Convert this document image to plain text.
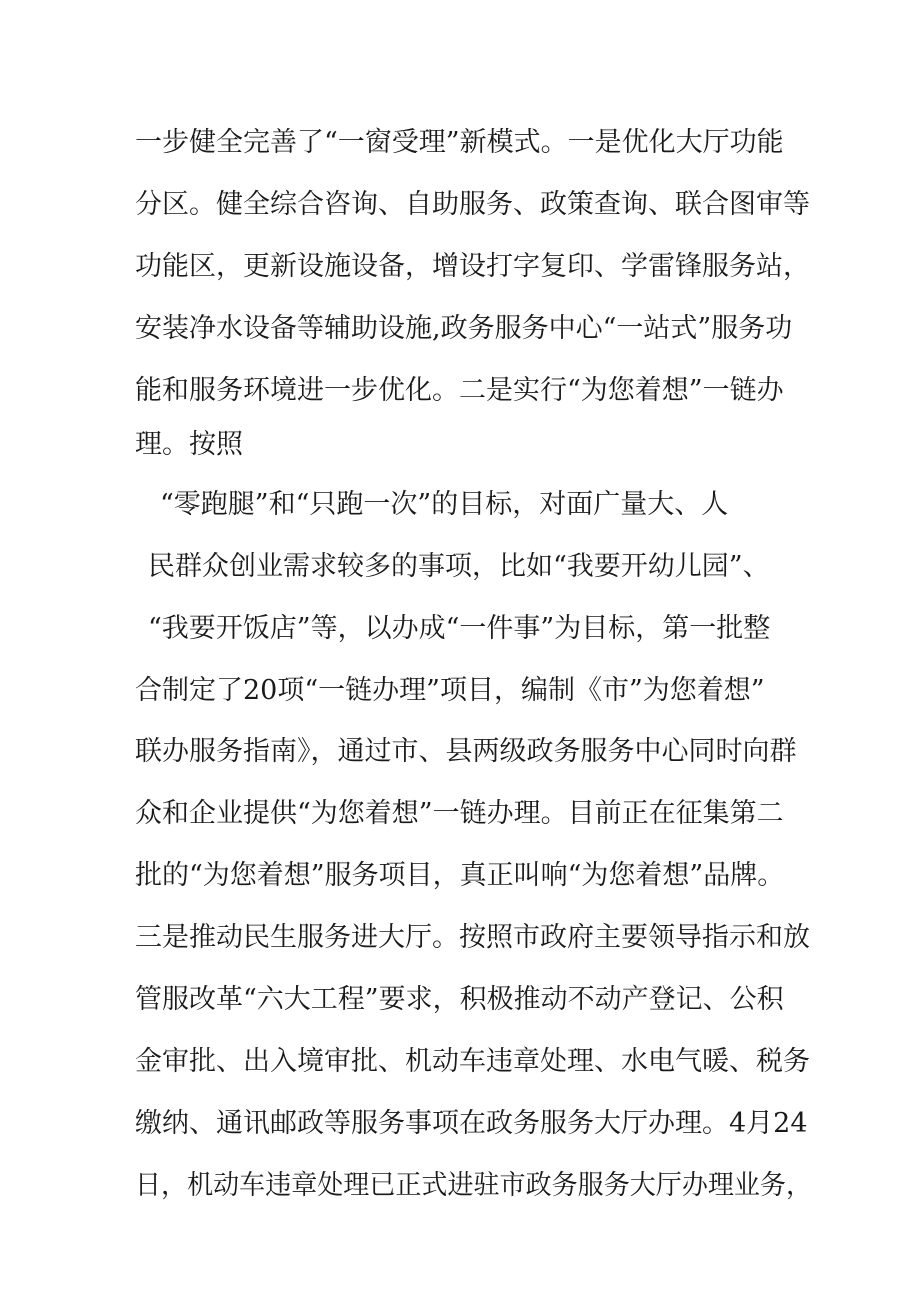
一步健全完善了“一窗受理”新模式。一是优化大厅功能
分区。健全综合咨询、自助服务、政策查询、联合图审等
功能区，更新设施设备，增设打字复印、学雷锋服务站，
安装净水设备等辅助设施,政务服务中心“一站式”服务功
能和服务环境进一步优化。二是实行“为您着想”一链办
理。按照
“零跑腿”和“只跑一次”的目标，对面广量大、人
民群众创业需求较多的事项，比如“我要开幼儿园”、
“我要开饭店”等，以办成“一件事”为目标，第一批整
合制定了20项“一链办理”项目，编制《市”为您着想”
联办服务指南》，通过市、县两级政务服务中心同时向群
众和企业提供“为您着想”一链办理。目前正在征集第二
批的“为您着想”服务项目，真正叫响“为您着想”品牌。
三是推动民生服务进大厅。按照市政府主要领导指示和放
管服改革“六大工程”要求，积极推动不动产登记、公积
金审批、出入境审批、机动车违章处理、水电气暖、税务
缴纳、通讯邮政等服务事项在政务服务大厅办理。4月24
日，机动车违章处理已正式进驻市政务服务大厅办理业务，
